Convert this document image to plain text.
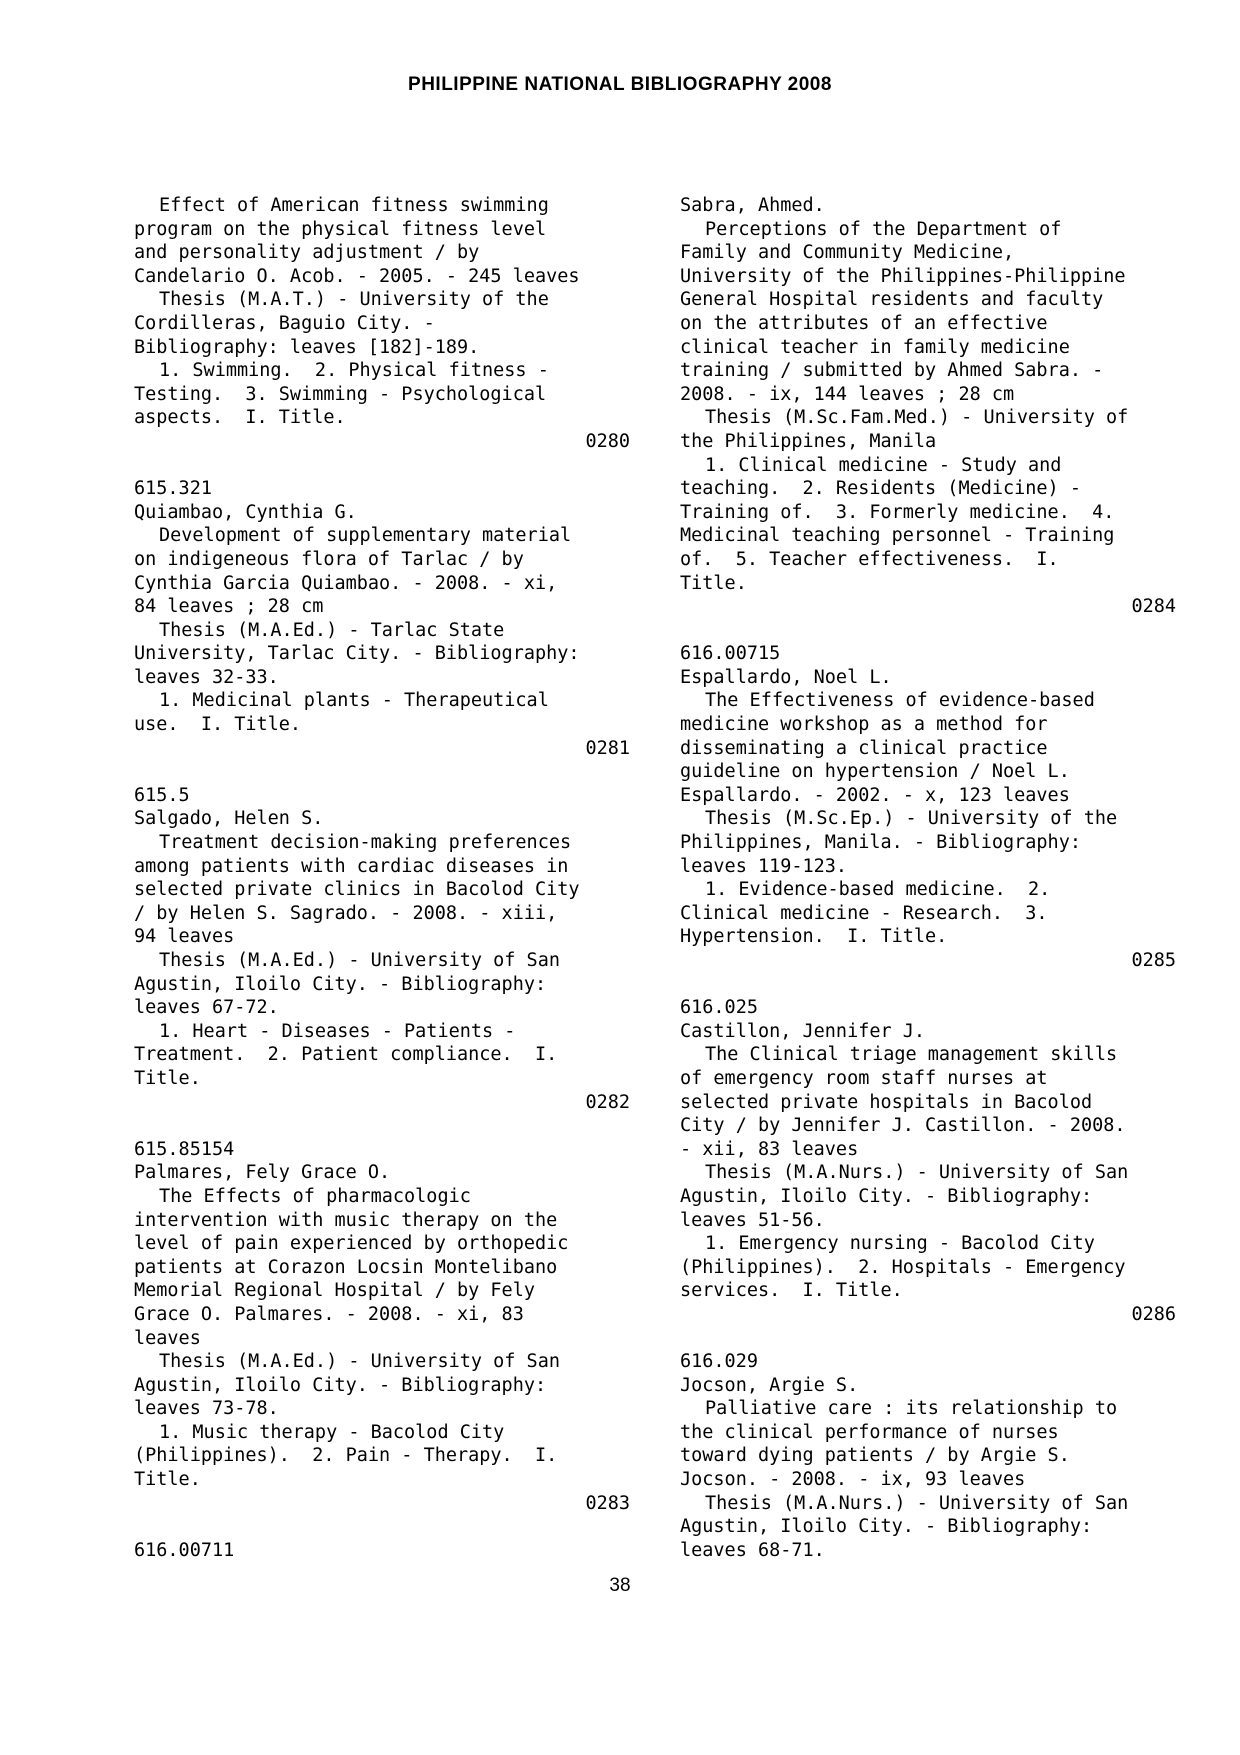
PHILIPPINE NATIONAL BIBLIOGRAPHY 2008
Effect of American fitness swimming
program on the physical fitness level
and personality adjustment / by
Candelario O. Acob. - 2005. - 245 leaves
Thesis (M.A.T.) - University of the
Cordilleras, Baguio City. -
Bibliography: leaves [182]-189.
1. Swimming.  2. Physical fitness -
Testing.  3. Swimming - Psychological
aspects.  I. Title.
0280
615.321
Quiambao, Cynthia G.
Development of supplementary material
on indigeneous flora of Tarlac / by
Cynthia Garcia Quiambao. - 2008. - xi,
84 leaves ; 28 cm
Thesis (M.A.Ed.) - Tarlac State
University, Tarlac City. - Bibliography:
leaves 32-33.
1. Medicinal plants - Therapeutical
use.  I. Title.
0281
615.5
Salgado, Helen S.
Treatment decision-making preferences
among patients with cardiac diseases in
selected private clinics in Bacolod City
/ by Helen S. Sagrado. - 2008. - xiii,
94 leaves
Thesis (M.A.Ed.) - University of San
Agustin, Iloilo City. - Bibliography:
leaves 67-72.
1. Heart - Diseases - Patients -
Treatment.  2. Patient compliance.  I.
Title.
0282
615.85154
Palmares, Fely Grace O.
The Effects of pharmacologic
intervention with music therapy on the
level of pain experienced by orthopedic
patients at Corazon Locsin Montelibano
Memorial Regional Hospital / by Fely
Grace O. Palmares. - 2008. - xi, 83
leaves
Thesis (M.A.Ed.) - University of San
Agustin, Iloilo City. - Bibliography:
leaves 73-78.
1. Music therapy - Bacolod City
(Philippines).  2. Pain - Therapy.  I.
Title.
0283
616.00711
Sabra, Ahmed.
Perceptions of the Department of
Family and Community Medicine,
University of the Philippines-Philippine
General Hospital residents and faculty
on the attributes of an effective
clinical teacher in family medicine
training / submitted by Ahmed Sabra. -
2008. - ix, 144 leaves ; 28 cm
Thesis (M.Sc.Fam.Med.) - University of
the Philippines, Manila
1. Clinical medicine - Study and
teaching.  2. Residents (Medicine) -
Training of.  3. Formerly medicine.  4.
Medicinal teaching personnel - Training
of.  5. Teacher effectiveness.  I.
Title.
0284
616.00715
Espallardo, Noel L.
The Effectiveness of evidence-based
medicine workshop as a method for
disseminating a clinical practice
guideline on hypertension / Noel L.
Espallardo. - 2002. - x, 123 leaves
Thesis (M.Sc.Ep.) - University of the
Philippines, Manila. - Bibliography:
leaves 119-123.
1. Evidence-based medicine.  2.
Clinical medicine - Research.  3.
Hypertension.  I. Title.
0285
616.025
Castillon, Jennifer J.
The Clinical triage management skills
of emergency room staff nurses at
selected private hospitals in Bacolod
City / by Jennifer J. Castillon. - 2008.
- xii, 83 leaves
Thesis (M.A.Nurs.) - University of San
Agustin, Iloilo City. - Bibliography:
leaves 51-56.
1. Emergency nursing - Bacolod City
(Philippines).  2. Hospitals - Emergency
services.  I. Title.
0286
616.029
Jocson, Argie S.
Palliative care : its relationship to
the clinical performance of nurses
toward dying patients / by Argie S.
Jocson. - 2008. - ix, 93 leaves
Thesis (M.A.Nurs.) - University of San
Agustin, Iloilo City. - Bibliography:
leaves 68-71.
38
